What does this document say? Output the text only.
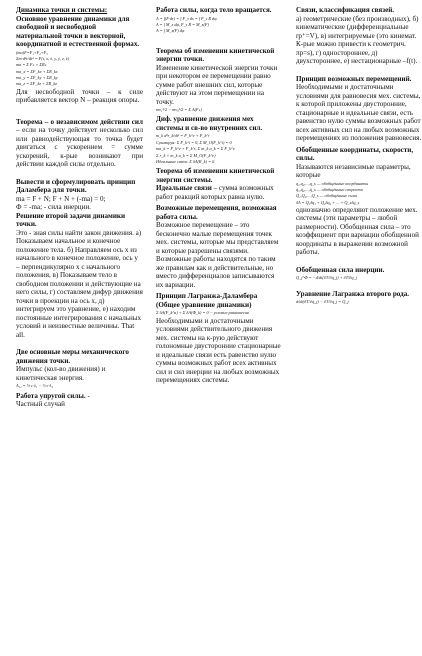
Динамика точки и системы:
Основное уравнение динамики для свободной и несвободной материальной точки в векторной, координатной и естественной формах.
(ma)F=F₁+F₂+F₃
Σm·d²r/dt² = F(t, x, ẋ, y, ẏ, z, ż)
ma = Σ Fₖ + ΣRₖ
ma_x = ΣF_kx + ΣR_kx
ma_y = ΣF_ky + ΣR_ky
ma_z = ΣF_kz + ΣR_kz
Для несвободной точки – к силе прибавляется вектор N – реакция опоры.
Теорема – о независимом действии сил – если на точку действует несколько сил или равнодействующая то точка будет двигаться с ускорением = сумме ускорений, к-рые возникают при действии каждой силы отдельно.
Вывести и сформулировать принцип Даламбера для точки.
ma = F + N; F + N + (-ma) = 0;
Ф = -ma; - сила инерции.
Решение второй задачи динамики точки.
Это - зная силы найти закон движения. а) Показываем начальное и конечное положение тела. б) Направляем ось х из начального в конечное положение, ось у – перпендикулярно х с начального положения, в) Показываем тело в свободном положении и действующие на него силы, г) составляем дифур движения точки в проекции на ось х, д) интегрируем это уравнение, е) находим постоянные интегрирования с начальных условий и неизвестные величины. That all.
Две основные меры механического движения точки.
Импульс (кол-во движения) и кинетическая энергия.
A₁₂ = ½·c·λ₁ − ½·c·λ₂
Работа упругой силы. -
Частный случай
Работа силы, когда тело вращается.
A = ∫(F·dr) = ∫ F_τ ds = ∫ F_τ R dφ
A = ∫ M_z dφ, F_τ R = M_z(F)
A = ∫ M_z(F) dφ
Теорема об изменении кинетической энергии точки.
Изменение кинетической энергии точки при некотором ее перемещении равно сумме работ внешних сил, которые действуют на этом перемещении на точку.
mv₁²/2 − mv₀²/2 = Σ A(Fₖ)
Диф. уравнение движения мех системы и св-во внутренних сил.
m_k d²r_k/dt² = F_k^e + F_k^i
Суммируя: Σ F_k^i = 0, Σ M_O(F_k^i) = 0
ma_k = F_k^e + F_k^i, Σ m_k a_k = Σ F_k^e
Σ r_k × m_k a_k = Σ M_O(F_k^e)
Идеальные связи: Σ δA(R_k) = 0
Теорема об изменении кинетической энергии системы.
Идеальные связи – сумма возможных работ реакций которых равна нулю.
Возможные перемещения, возможная работа силы.
Возможное перемещение – это бесконечно малые перемещения точек мех. системы, которые мы представляем и которые разрешены связями. Возможные работы находятся по таким же правилам как и действительные, но вместо дифференциалов записываются их вариации.
Принцип Лагранжа-Даламбера (Общее уравнение динамики)
Σ δA(F_k^a) + Σ δA(Ф_k) = 0 − условие равновесия
Необходимыми и достаточными условиями действительного движения мех. системы на к-рую действуют голономные двусторонние стационарные и идеальные связи есть равенство нулю суммы возможных работ всех активных сил и сил инерции на любых возможных перемещениях системы.
Связи, классификация связей.
а) геометрические (без производных), б) кинематические (дифференциальные rp⁺=V), в) интегрируемые (это кинемат. К-рые можно привести к геометрич. πp=s), г) одностороннее, д) двухстороннее, е) нестационарные –f(t).
Принцип возможных перемещений.
Необходимыми и достаточными условиями для равновесия мех. системы, к которой приложены двусторонние, стационарные и идеальные связи, есть равенство нулю суммы возможных работ всех активных сил на любых возможных перемещениях из положения равновесия.
Обобщенные координаты, скорости, силы.
Называются независимые параметры, которые
q₁,q₂,...,q_s — обобщённые координаты
q̇₁,q̇₂,...,q̇_s — обобщённые скорости
Q₁,Q₂,...,Q_s — обобщённые силы
δA = Q₁δq₁ + Q₂δq₂ + ... + Q_sδq_s
однозначно определяют положение мех. системы (эти параметры – любой размерности). Обобщенная сила – это коэффициент при вариации обобщенной координаты в выражении возможной работы.
Обобщенная сила инерции.
Q_j^Ф = −d/dt(∂T/∂q̇_j) + ∂T/∂q_j
Уравнение Лагранжа второго рода.
d/dt(∂T/∂q̇_j) − ∂T/∂q_j = Q_j
